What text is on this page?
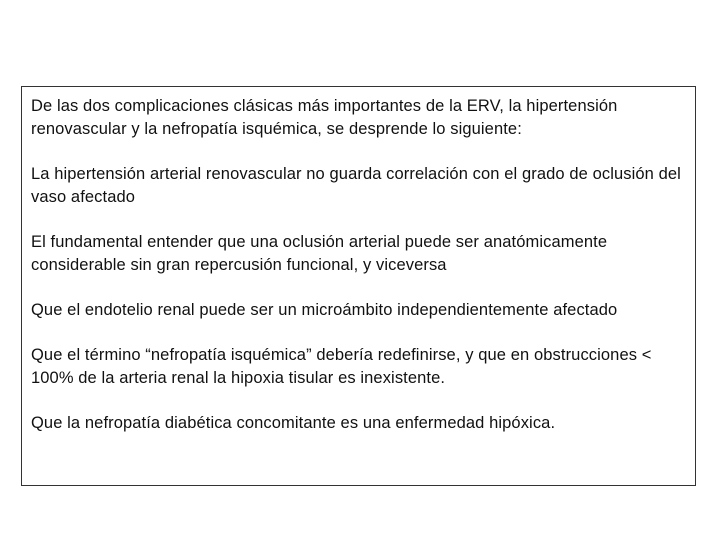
De las dos complicaciones clásicas más importantes de la ERV, la hipertensión renovascular y la nefropatía isquémica, se desprende lo siguiente:

La hipertensión arterial renovascular no guarda correlación con el grado de oclusión del vaso afectado

El fundamental entender que una oclusión arterial puede ser anatómicamente considerable sin gran repercusión funcional, y viceversa

Que el endotelio renal puede ser un microámbito independientemente afectado

Que el término “nefropatía isquémica” debería redefinirse, y que en obstrucciones < 100% de la arteria renal la hipoxia tisular es inexistente.

Que la nefropatía diabética concomitante es una enfermedad hipóxica.
